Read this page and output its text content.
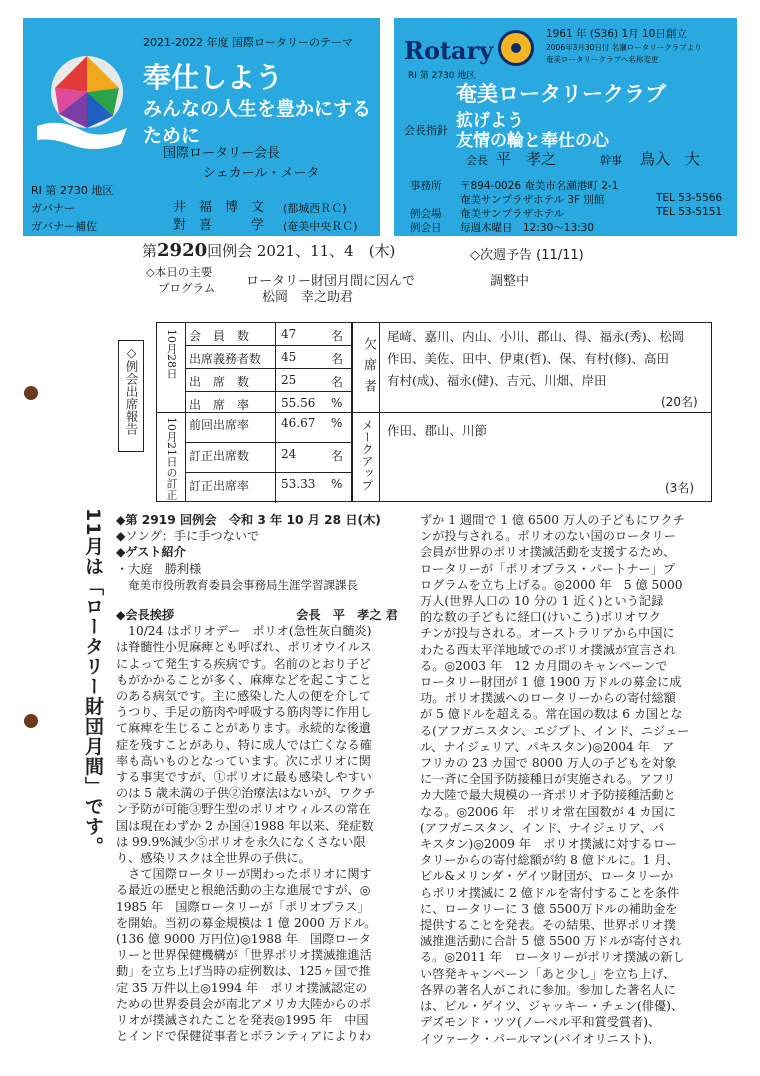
2021-2022 年度 国際ロータリーのテーマ
奉仕しよう
みんなの人生を豊かにするために
国際ロータリー会長
シェカール・メータ
RI 第 2730 地区
ガバナー	井　福　博　文 (都城西ＲＣ)
ガバナー補佐	對　喜　　　学 (奄美中央ＲＣ)
Rotary
RI 第 2730 地区
1961 年 (S36) 1月 10日創立
2006年3月30日付 名瀬ロータリークラブより
奄美ロータリークラブへ名称変更
奄美ロータリークラブ
会長指針 拡げよう
友情の輪と奉仕の心
会長 平　孝之	幹事 鳥入　大
事務所 〒894-0026 奄美市名瀬港町 2-1
奄美サンプラザホテル 3F 別館	TEL 53-5566
例会場 奄美サンプラザホテル	TEL 53-5151
例会日 毎週木曜日　12:30～13:30
第2920回例会 2021、11、4　(木)	◇次週予告 (11/11)
調整中
◇本日の主要
プログラム ロータリー財団月間に因んで
松岡　幸之助君
◇例会出席報告 10月28日
10月21日の訂正
会　員　数	47	名
出席義務者数 45	名
出　席　数	25	名
出　席　率	55.56 %
前回出席率	46.67 %
訂正出席数	24	名
訂正出席率	53.33 %
欠席者
メークアップ
尾﨑、嘉川、内山、小川、郡山、得、福永(秀)、松岡
作田、美佐、田中、伊東(哲)、保、有村(修)、高田
有村(成)、福永(健)、吉元、川畑、岸田
(20名)
作田、郡山、川節
(3名)
11月は「ロータリー財団月間」です。 ◆第 2919 回例会　令和 3 年 10 月 28 日(木)
◆ソング：手に手つないで
◆ゲスト紹介
・大庭　勝利様
奄美市役所教育委員会事務局生涯学習課課長
◆会長挨拶	会長　平　孝之 君
　10/24 はポリオデー　ポリオ(急性灰白髄炎)
は脊髄性小児麻痺とも呼ばれ、ポリオウイルス
によって発生する疾病です。名前のとおり子ど
もがかかることが多く、麻痺などを起こすこと
のある病気です。主に感染した人の便を介して
うつり、手足の筋肉や呼吸する筋肉等に作用し
て麻痺を生じることがあります。永続的な後遺
症を残すことがあり、特に成人では亡くなる確
率も高いものとなっています。次にポリオに関
する事実ですが、①ポリオに最も感染しやすい
のは 5 歳未満の子供②治療法はないが、ワクチ
ン予防が可能③野生型のポリオウィルスの常在
国は現在わずか 2 か国④1988 年以来、発症数
は 99.9%減少⑤ポリオを永久になくさない限
り、感染リスクは全世界の子供に。
　さて国際ロータリーが関わったポリオに関す
る最近の歴史と根絶活動の主な進展ですが、◎
1985 年　国際ロータリーが「ポリオプラス」
を開始。当初の募金規模は 1 億 2000 万ドル。
(136 億 9000 万円位)◎1988 年　国際ロータ
リーと世界保健機構が「世界ポリオ撲滅推進活
動」を立ち上げ当時の症例数は、125ヶ国で推
定 35 万件以上◎1994 年　ポリオ撲滅認定の
ための世界委員会が南北アメリカ大陸からのポ
リオが撲滅されたことを発表◎1995 年　中国
とインドで保健従事者とボランティアによりわ
ずか 1 週間で 1 億 6500 万人の子どもにワクチ
ンが投与される。ポリオのない国のロータリー
会員が世界のポリオ撲滅活動を支援するため、
ロータリーが「ポリオプラス・パートナー」プ
ログラムを立ち上げる。◎2000 年　5 億 5000
万人(世界人口の 10 分の 1 近く)という記録
的な数の子どもに経口(けいこう)ポリオワク
チンが投与される。オーストラリアから中国に
わたる西太平洋地域でのポリオ撲滅が宣言され
る。◎2003 年　12 カ月間のキャンペーンで
ロータリー財団が 1 億 1900 万ドルの募金に成
功。ポリオ撲滅へのロータリーからの寄付総額
が 5 億ドルを超える。常在国の数は 6 カ国とな
る(アフガニスタン、エジプト、インド、ニジェー
ル、ナイジェリア、パキスタン)◎2004 年　ア
フリカの 23 カ国で 8000 万人の子どもを対象
に一斉に全国予防接種日が実施される。アフリ
カ大陸で最大規模の一斉ポリオ予防接種活動と
なる。◎2006 年　ポリオ常在国数が 4 カ国に
(アフガニスタン、インド、ナイジェリア、パ
キスタン)◎2009 年　ポリオ撲滅に対するロー
タリーからの寄付総額が約 8 億ドルに。1 月、
ビル&メリンダ・ゲイツ財団が、ロータリーか
らポリオ撲滅に 2 億ドルを寄付することを条件
に、ロータリーに 3 億 5500万ドルの補助金を
提供することを発表。その結果、世界ポリオ撲
滅推進活動に合計 5 億 5500 万ドルが寄付され
る。◎2011 年　ロータリーがポリオ撲滅の新し
い啓発キャンペーン「あと少し」を立ち上げ、
各界の著名人がこれに参加。参加した著名人に
は、ビル・ゲイツ、ジャッキー・チェン(俳優)、
デズモンド・ツツ(ノーベル平和賞受賞者)、
イツァーク・パールマン(バイオリニスト)、
